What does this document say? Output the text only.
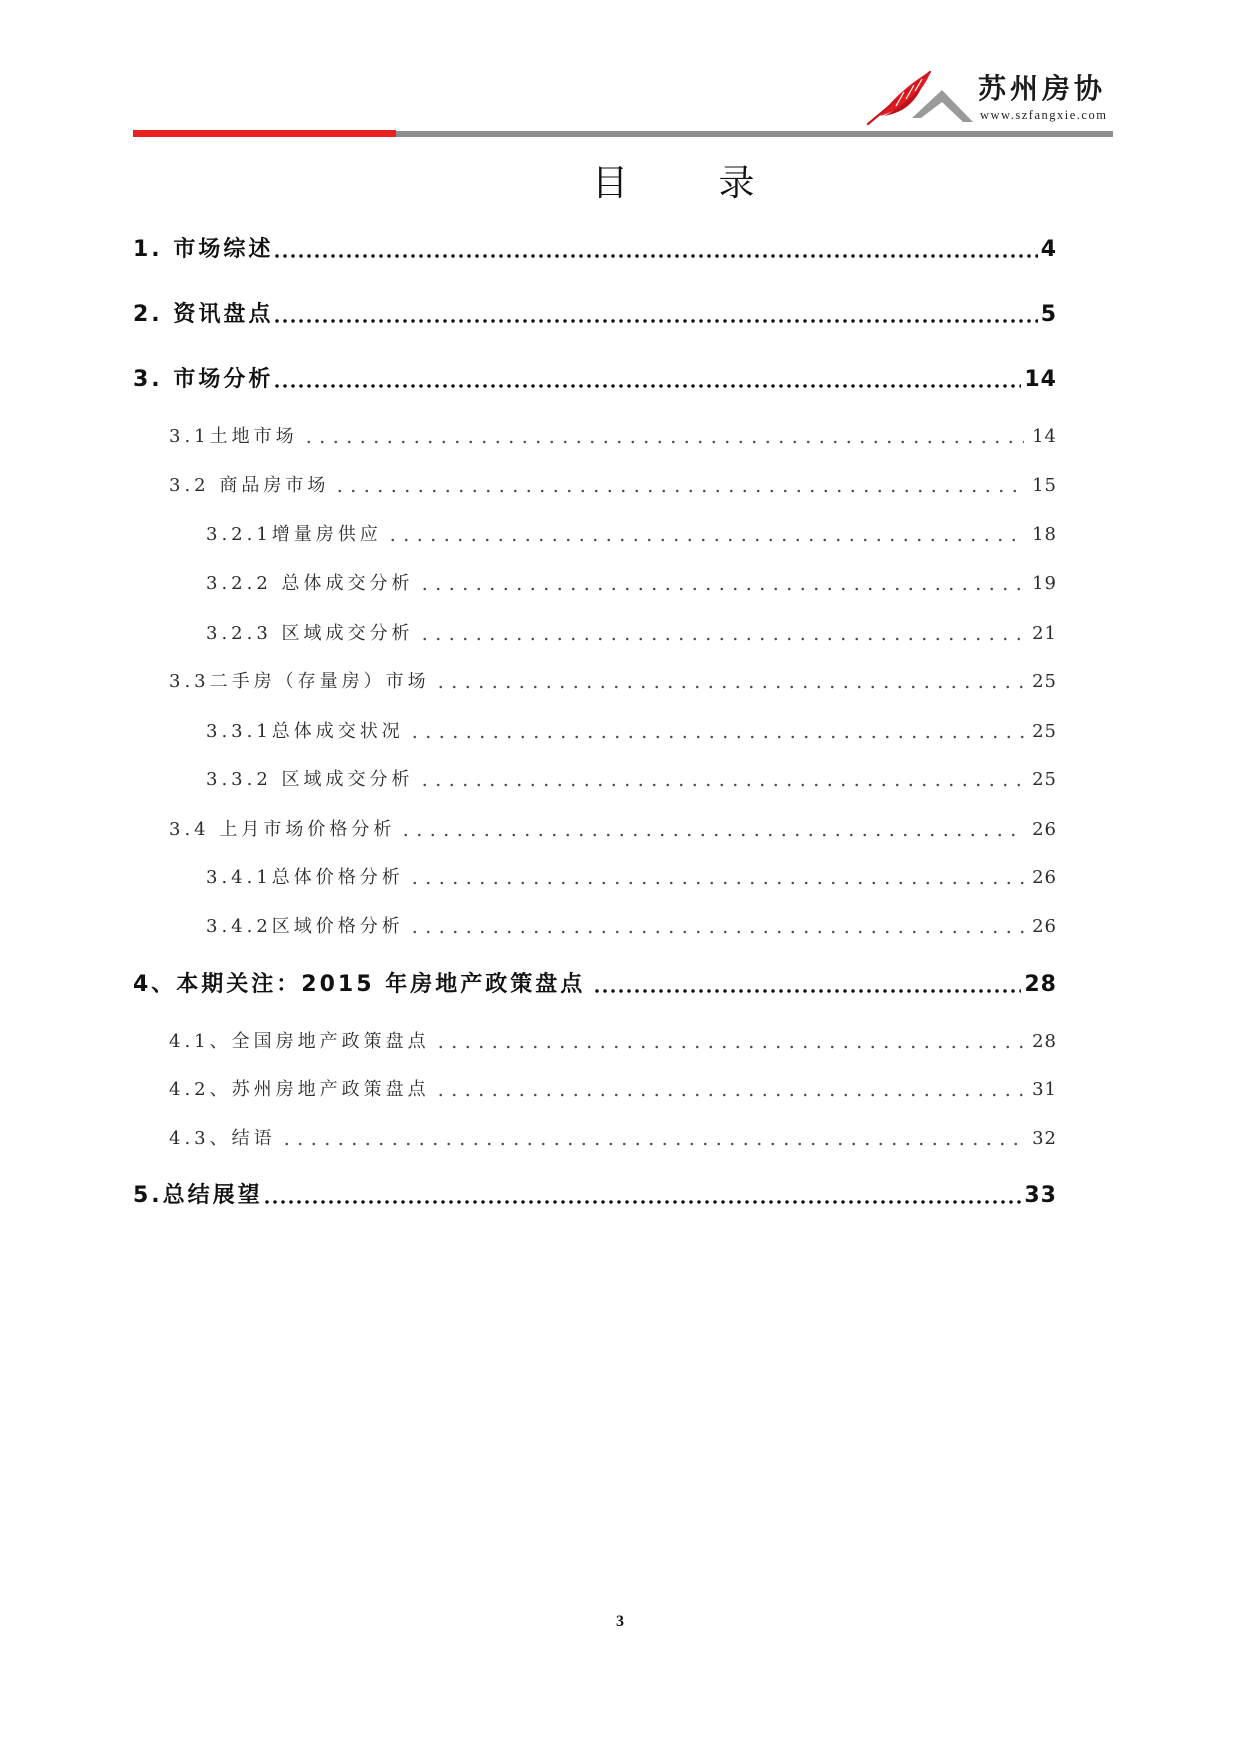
苏州房协
www.szfangxie.com
目 录
1. 市场综述	4
2. 资讯盘点	5
3. 市场分析	14
3.1土地市场	14
3.2 商品房市场	15
3.2.1增量房供应	18
3.2.2 总体成交分析	19
3.2.3 区域成交分析	21
3.3二手房（存量房）市场	25
3.3.1总体成交状况	25
3.3.2 区域成交分析	25
3.4 上月市场价格分析	26
3.4.1总体价格分析	26
3.4.2区域价格分析	26
4、本期关注：2015 年房地产政策盘点	28
4.1、全国房地产政策盘点	28
4.2、苏州房地产政策盘点	31
4.3、结语	32
5.总结展望	33
3
